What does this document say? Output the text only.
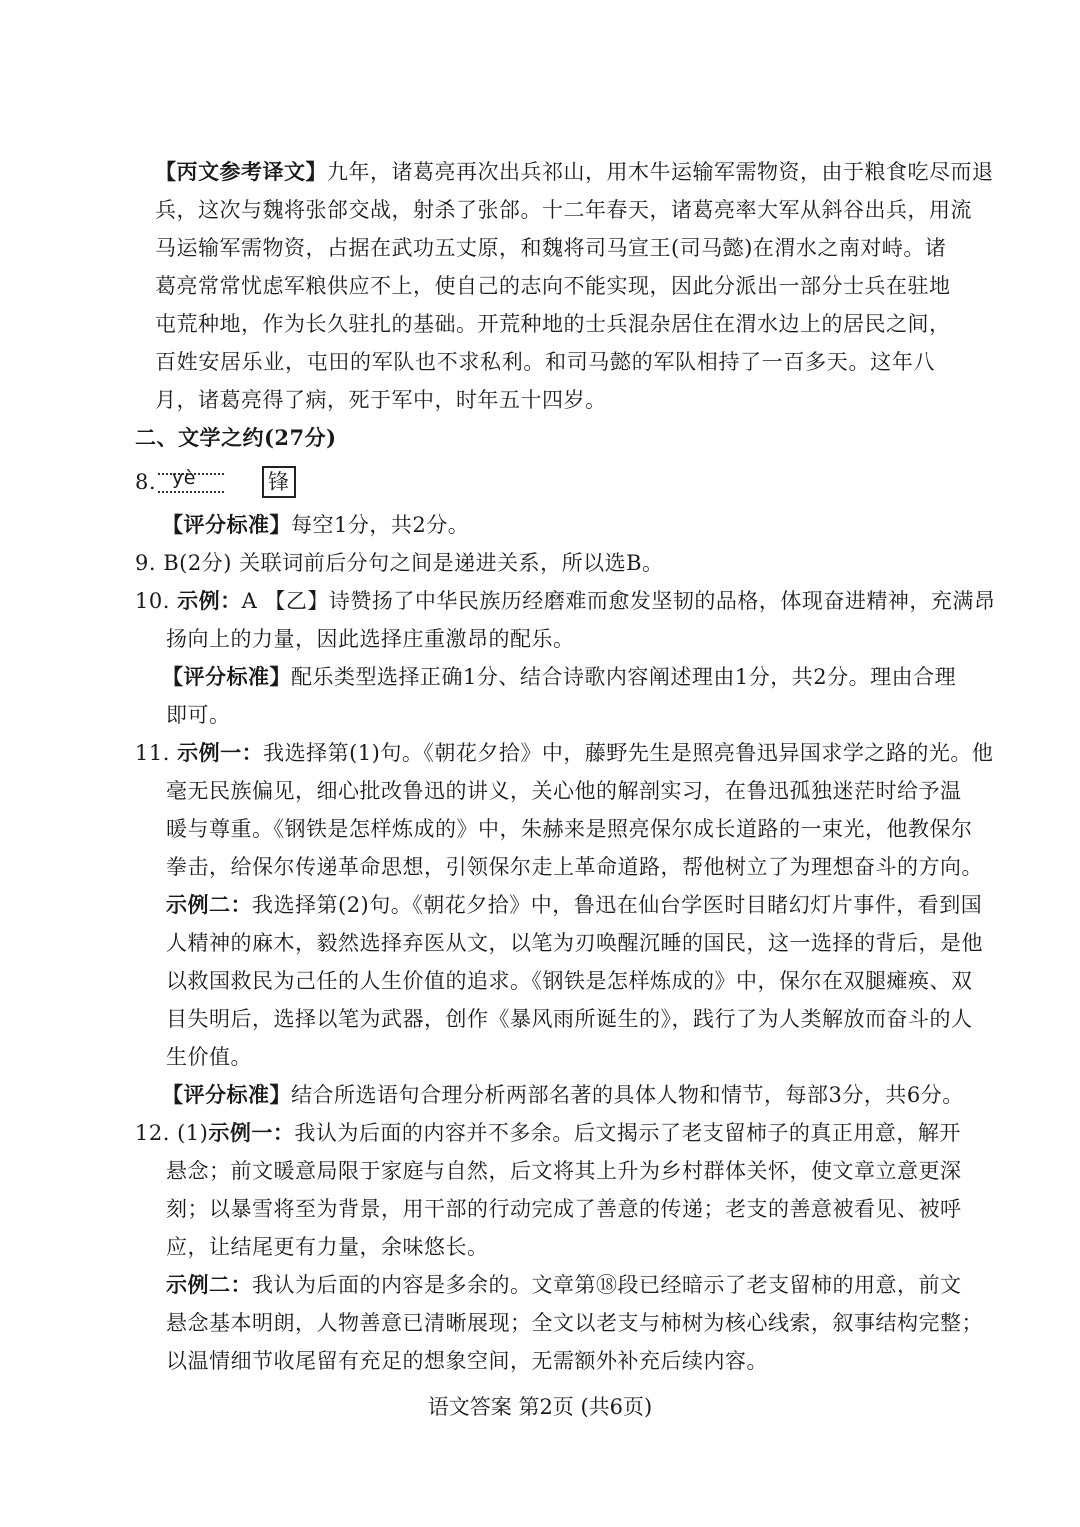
【丙文参考译文】九年，诸葛亮再次出兵祁山，用木牛运输军需物资，由于粮食吃尽而退
兵，这次与魏将张郃交战，射杀了张郃。十二年春天，诸葛亮率大军从斜谷出兵，用流
马运输军需物资，占据在武功五丈原，和魏将司马宣王(司马懿)在渭水之南对峙。诸
葛亮常常忧虑军粮供应不上，使自己的志向不能实现，因此分派出一部分士兵在驻地
屯荒种地，作为长久驻扎的基础。开荒种地的士兵混杂居住在渭水边上的居民之间，
百姓安居乐业，屯田的军队也不求私利。和司马懿的军队相持了一百多天。这年八
月，诸葛亮得了病，死于军中，时年五十四岁。
二、文学之约(27分)
8. yè	锋
【评分标准】每空1分，共2分。
9. B(2分) 关联词前后分句之间是递进关系，所以选B。
10. 示例：A 【乙】诗赞扬了中华民族历经磨难而愈发坚韧的品格，体现奋进精神，充满昂
扬向上的力量，因此选择庄重激昂的配乐。
【评分标准】配乐类型选择正确1分、结合诗歌内容阐述理由1分，共2分。理由合理
即可。
11. 示例一：我选择第(1)句。《朝花夕拾》中，藤野先生是照亮鲁迅异国求学之路的光。他
毫无民族偏见，细心批改鲁迅的讲义，关心他的解剖实习，在鲁迅孤独迷茫时给予温
暖与尊重。《钢铁是怎样炼成的》中，朱赫来是照亮保尔成长道路的一束光，他教保尔
拳击，给保尔传递革命思想，引领保尔走上革命道路，帮他树立了为理想奋斗的方向。
示例二：我选择第(2)句。《朝花夕拾》中，鲁迅在仙台学医时目睹幻灯片事件，看到国
人精神的麻木，毅然选择弃医从文，以笔为刃唤醒沉睡的国民，这一选择的背后，是他
以救国救民为己任的人生价值的追求。《钢铁是怎样炼成的》中，保尔在双腿瘫痪、双
目失明后，选择以笔为武器，创作《暴风雨所诞生的》，践行了为人类解放而奋斗的人
生价值。
【评分标准】结合所选语句合理分析两部名著的具体人物和情节，每部3分，共6分。
12. (1)示例一：我认为后面的内容并不多余。后文揭示了老支留柿子的真正用意，解开
悬念；前文暖意局限于家庭与自然，后文将其上升为乡村群体关怀，使文章立意更深
刻；以暴雪将至为背景，用干部的行动完成了善意的传递；老支的善意被看见、被呼
应，让结尾更有力量，余味悠长。
示例二：我认为后面的内容是多余的。文章第⑱段已经暗示了老支留柿的用意，前文
悬念基本明朗，人物善意已清晰展现；全文以老支与柿树为核心线索，叙事结构完整；
以温情细节收尾留有充足的想象空间，无需额外补充后续内容。
语文答案 第2页 (共6页)
